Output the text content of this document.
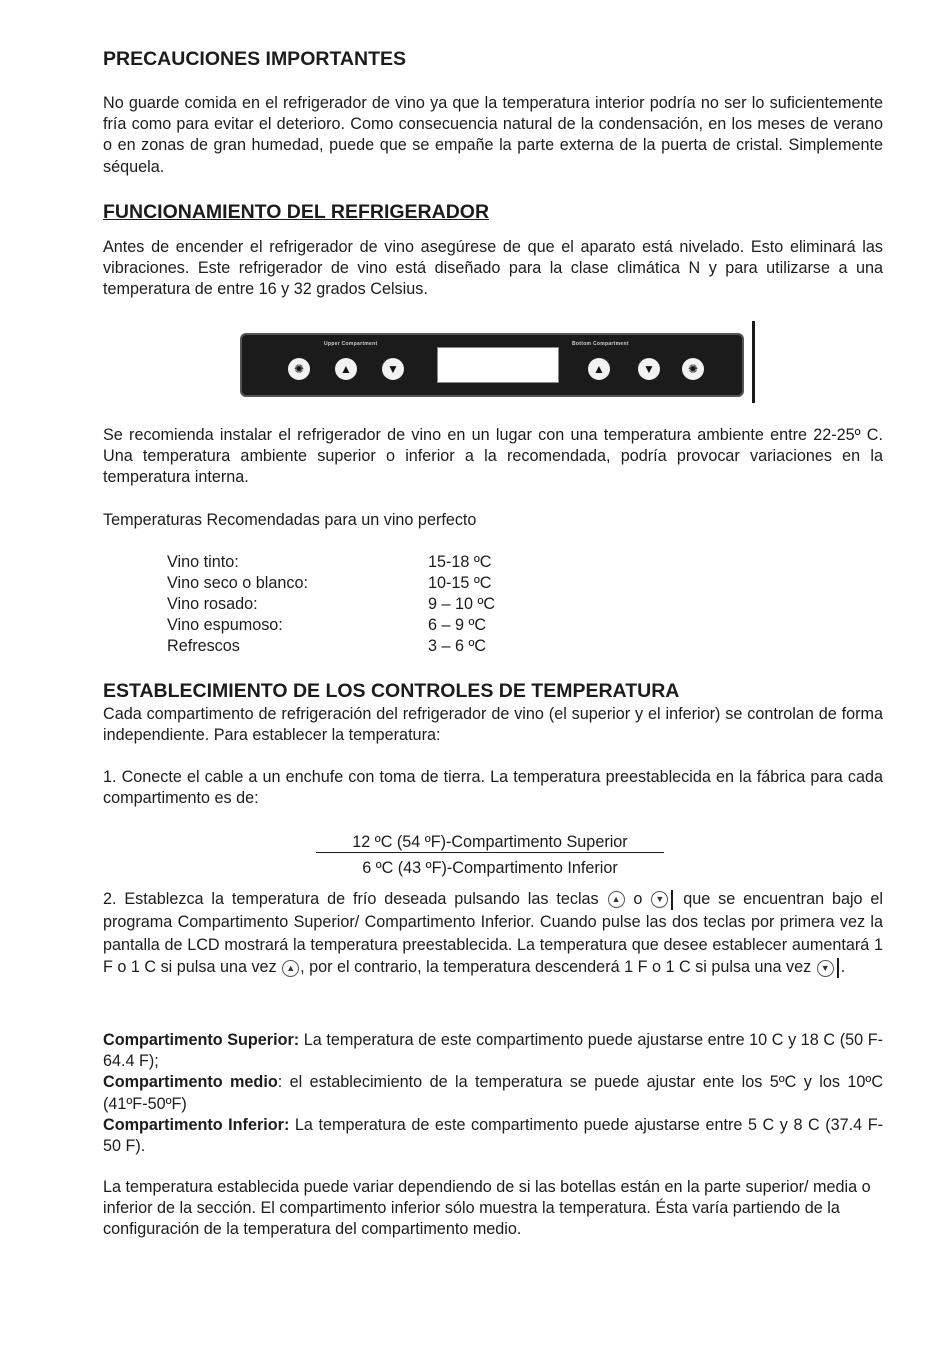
PRECAUCIONES IMPORTANTES

No guarde comida en el refrigerador de vino ya que la temperatura interior podría no ser lo suficientemente fría como para evitar el deterioro. Como consecuencia natural de la condensación, en los meses de verano o en zonas de gran humedad, puede que se empañe la parte externa de la puerta de cristal. Simplemente séquela.

FUNCIONAMIENTO DEL REFRIGERADOR

Antes de encender el refrigerador de vino asegúrese de que el aparato está nivelado. Esto eliminará las vibraciones. Este refrigerador de vino está diseñado para la clase climática N y para utilizarse a una temperatura de entre 16 y 32 grados Celsius.

Se recomienda instalar el refrigerador de vino en un lugar con una temperatura ambiente entre 22-25º C. Una temperatura ambiente superior o inferior a la recomendada, podría provocar variaciones en la temperatura interna.

Temperaturas Recomendadas para un vino perfecto

ESTABLECIMIENTO DE LOS CONTROLES DE TEMPERATURA

Cada compartimento de refrigeración del refrigerador de vino (el superior y el inferior) se controlan de forma independiente. Para establecer la temperatura:

1. Conecte el cable a un enchufe con toma de tierra. La temperatura preestablecida en la fábrica para cada compartimento es de:

2. Establezca la temperatura de frío deseada pulsando las teclas ▲ o ▼ que se encuentran bajo el programa Compartimento Superior/ Compartimento Inferior. Cuando pulse las dos teclas por primera vez la pantalla de LCD mostrará la temperatura preestablecida. La temperatura que desee establecer aumentará 1 F o 1 C si pulsa una vez ▲ , por el contrario, la temperatura descenderá 1 F o 1 C si pulsa una vez ▼ .

Compartimento Superior: La temperatura de este compartimento puede ajustarse entre 10 C y 18 C (50 F-64.4 F);
Compartimento medio: el establecimiento de la temperatura se puede ajustar ente los 5ºC y los 10ºC (41ºF-50ºF)
Compartimento Inferior: La temperatura de este compartimento puede ajustarse entre 5 C y 8 C (37.4 F-50 F).

La temperatura establecida puede variar dependiendo de si las botellas están en la parte superior/ media o inferior de la sección. El compartimento inferior sólo muestra la temperatura. Ésta varía partiendo de la configuración de la temperatura del compartimento medio.

Upper Compartment	Bottom Compartment
✺	▲	▼	▲	▼	✺
Vino tinto:	15-18 ºC
Vino seco o blanco:	10-15 ºC
Vino rosado:	9 – 10 ºC
Vino espumoso:	6 – 9 ºC
Refrescos	3 – 6 ºC
12 ºC (54 ºF)-Compartimento Superior
6 ºC (43 ºF)-Compartimento Inferior
